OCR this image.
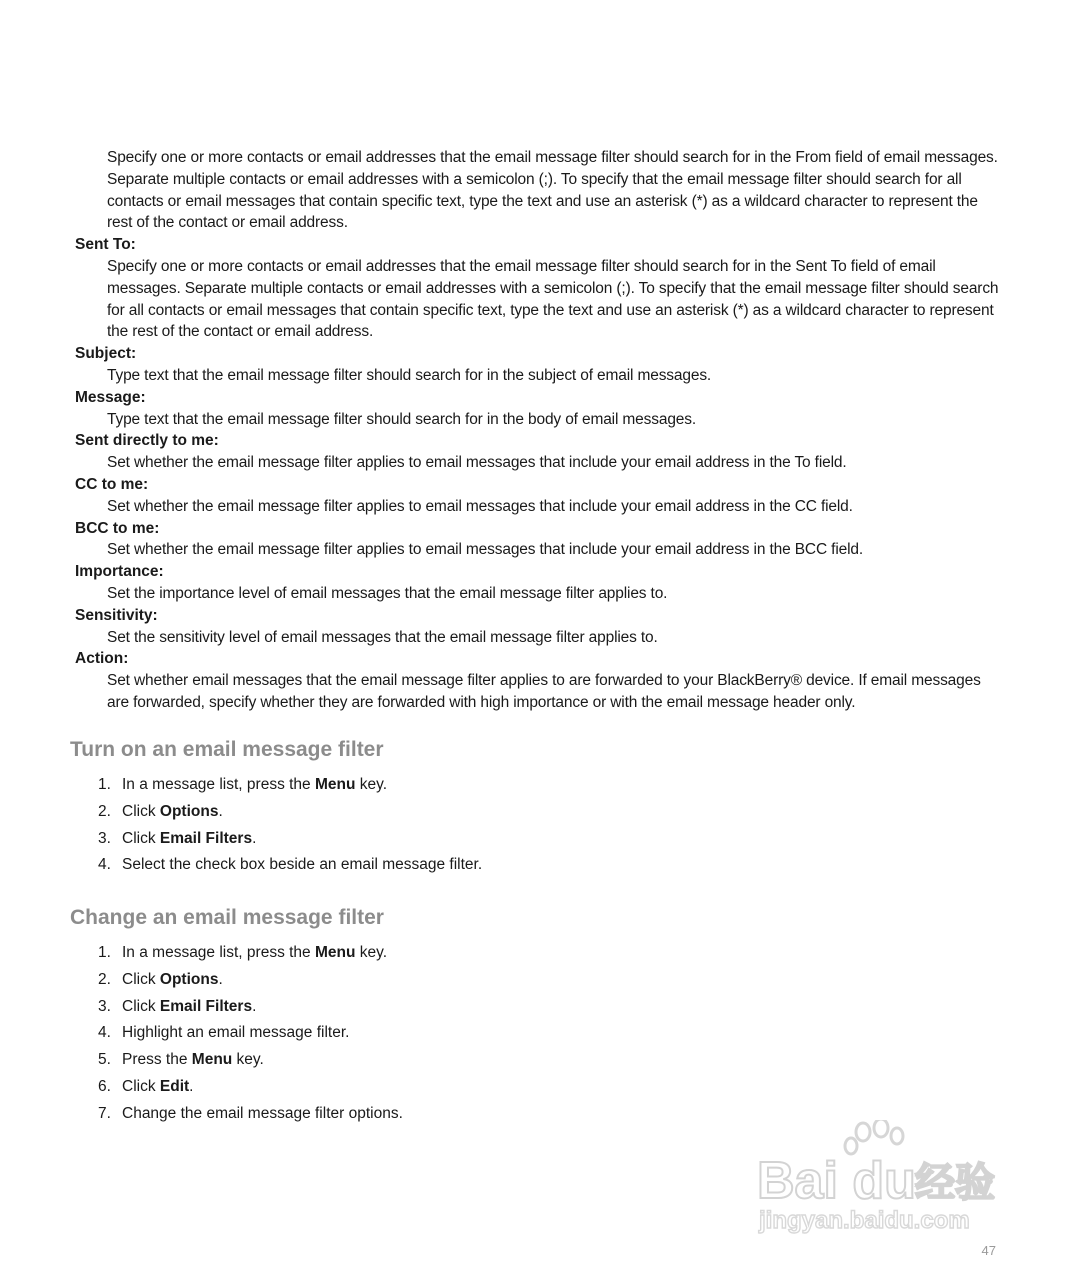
Specify one or more contacts or email addresses that the email message filter should search for in the From field of email messages. Separate multiple contacts or email addresses with a semicolon (;). To specify that the email message filter should search for all contacts or email messages that contain specific text, type the text and use an asterisk (*) as a wildcard character to represent the rest of the contact or email address.

Sent To:

Specify one or more contacts or email addresses that the email message filter should search for in the Sent To field of email messages. Separate multiple contacts or email addresses with a semicolon (;). To specify that the email message filter should search for all contacts or email messages that contain specific text, type the text and use an asterisk (*) as a wildcard character to represent the rest of the contact or email address.

Subject:

Type text that the email message filter should search for in the subject of email messages.

Message:

Type text that the email message filter should search for in the body of email messages.

Sent directly to me:

Set whether the email message filter applies to email messages that include your email address in the To field.

CC to me:

Set whether the email message filter applies to email messages that include your email address in the CC field.

BCC to me:

Set whether the email message filter applies to email messages that include your email address in the BCC field.

Importance:

Set the importance level of email messages that the email message filter applies to.

Sensitivity:

Set the sensitivity level of email messages that the email message filter applies to.

Action:

Set whether email messages that the email message filter applies to are forwarded to your BlackBerry® device. If email messages are forwarded, specify whether they are forwarded with high importance or with the email message header only.

Turn on an email message filter
1. In a message list, press the Menu key.
2. Click Options.
3. Click Email Filters.
4. Select the check box beside an email message filter.
Change an email message filter
1. In a message list, press the Menu key.
2. Click Options.
3. Click Email Filters.
4. Highlight an email message filter.
5. Press the Menu key.
6. Click Edit.
7. Change the email message filter options.
Bai du 经验
jingyan.baidu.com
47
